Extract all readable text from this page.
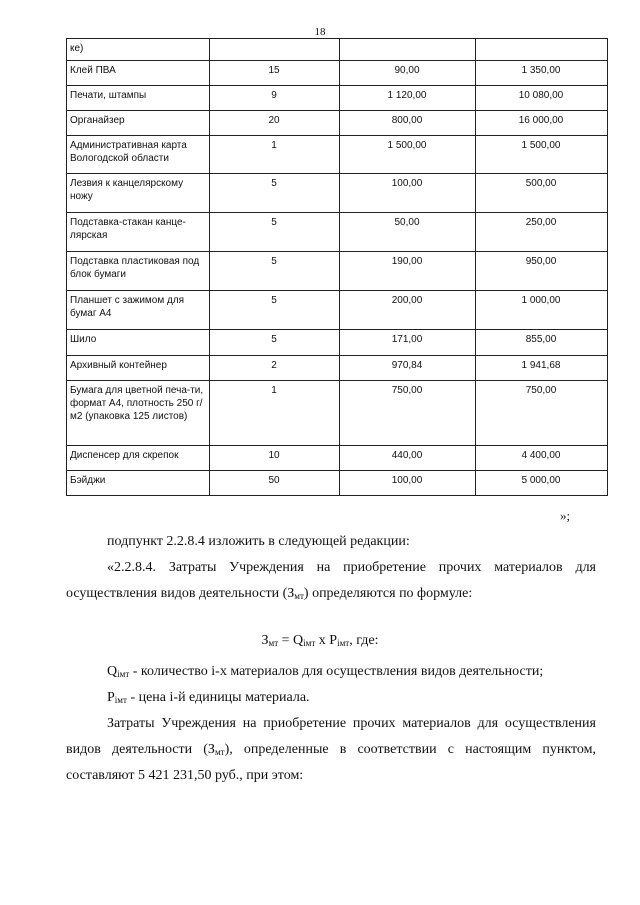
18
ке)			
Клей ПВА	15	90,00	1 350,00
Печати, штампы	9	1 120,00	10 080,00
Органайзер	20	800,00	16 000,00
Административная карта Вологодской области	1	1 500,00	1 500,00
Лезвия к канцелярскому ножу	5	100,00	500,00
Подставка-стакан канце-лярская	5	50,00	250,00
Подставка пластиковая под блок бумаги	5	190,00	950,00
Планшет с зажимом для бумаг А4	5	200,00	1 000,00
Шило	5	171,00	855,00
Архивный контейнер	2	970,84	1 941,68
Бумага для цветной печа-ти, формат А4, плотность 250 г/м2 (упаковка 125 листов)	1	750,00	750,00
Диспенсер для скрепок	10	440,00	4 400,00
Бэйджи	50	100,00	5 000,00
»;

подпункт 2.2.8.4 изложить в следующей редакции:

«2.2.8.4. Затраты Учреждения на приобретение прочих материалов для осуществления видов деятельности $(З_{мт})$ определяются по формуле:

$З_{мт} = Q_{iмт}$ x $P_{iмт}$, где:

$Q_{iмт}$ - количество i-х материалов для осуществления видов деятельности;

$P_{iмт}$ - цена i-й единицы материала.

Затраты Учреждения на приобретение прочих материалов для осуществления видов деятельности $(З_{мт})$, определенные в соответствии с настоящим пунктом, составляют 5 421 231,50 руб., при этом:
